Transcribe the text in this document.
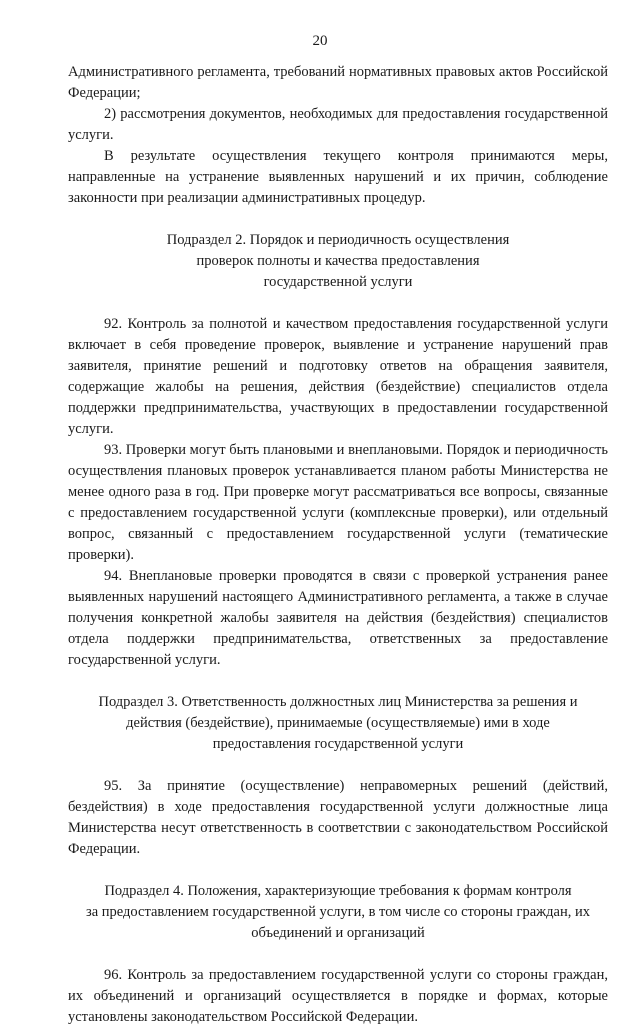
20

Административного регламента, требований нормативных правовых актов Российской Федерации;

2) рассмотрения документов, необходимых для предоставления государственной услуги.

В результате осуществления текущего контроля принимаются меры, направленные на устранение выявленных нарушений и их причин, соблюдение законности при реализации административных процедур.

Подраздел 2. Порядок и периодичность осуществления

проверок полноты и качества предоставления

государственной услуги

92. Контроль за полнотой и качеством предоставления государственной услуги включает в себя проведение проверок, выявление и устранение нарушений прав заявителя, принятие решений и подготовку ответов на обращения заявителя, содержащие жалобы на решения, действия (бездействие) специалистов отдела поддержки предпринимательства, участвующих в предоставлении государственной услуги.

93. Проверки могут быть плановыми и внеплановыми. Порядок и периодичность осуществления плановых проверок устанавливается планом работы Министерства не менее одного раза в год. При проверке могут рассматриваться все вопросы, связанные с предоставлением государственной услуги (комплексные проверки), или отдельный вопрос, связанный с предоставлением государственной услуги (тематические проверки).

94. Внеплановые проверки проводятся в связи с проверкой устранения ранее выявленных нарушений настоящего Административного регламента, а также в случае получения конкретной жалобы заявителя на действия (бездействия) специалистов отдела поддержки предпринимательства, ответственных за предоставление государственной услуги.

Подраздел 3. Ответственность должностных лиц Министерства за решения и

действия (бездействие), принимаемые (осуществляемые) ими в ходе

предоставления государственной услуги

95. За принятие (осуществление) неправомерных решений (действий, бездействия) в ходе предоставления государственной услуги должностные лица Министерства несут ответственность в соответствии с законодательством Российской Федерации.

Подраздел 4. Положения, характеризующие требования к формам контроля

за предоставлением государственной услуги, в том числе со стороны граждан, их

объединений и организаций

96. Контроль за предоставлением государственной услуги со стороны граждан, их объединений и организаций осуществляется в порядке и формах, которые установлены законодательством Российской Федерации.
